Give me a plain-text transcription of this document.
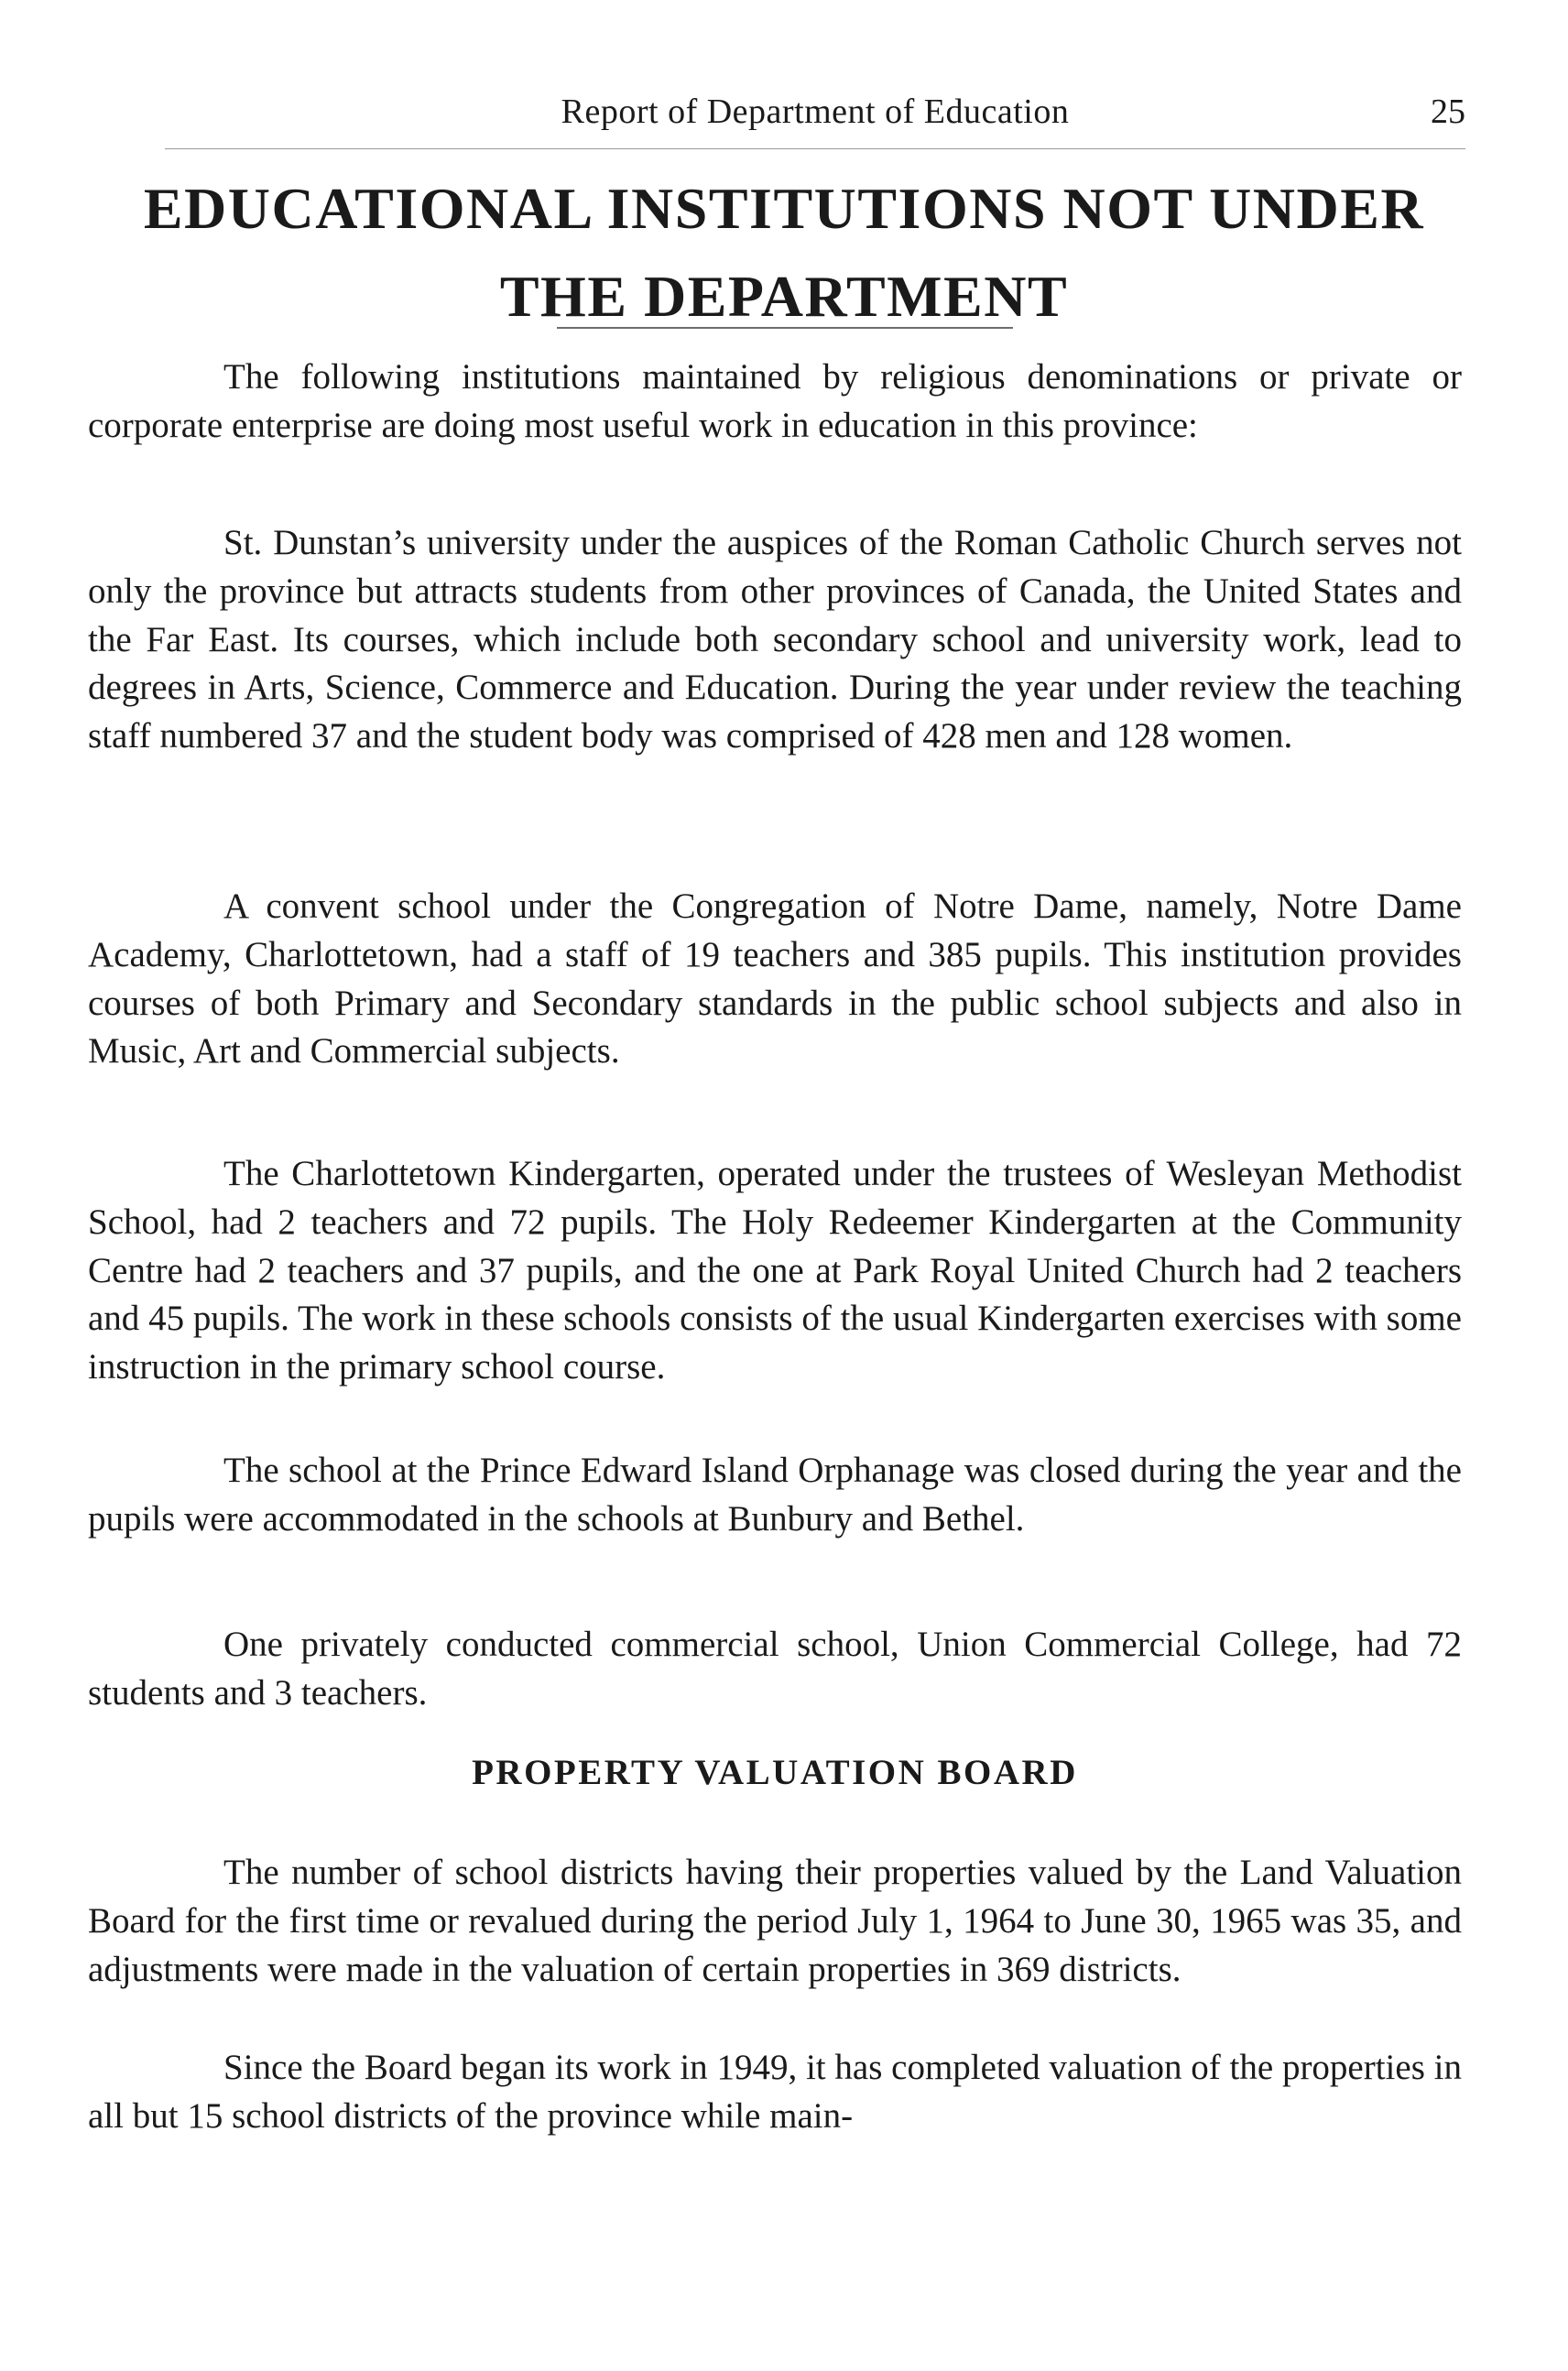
Report of Department of Education	25
EDUCATIONAL INSTITUTIONS NOT UNDER THE DEPARTMENT

The following institutions maintained by religious denominations or private or corporate enterprise are doing most useful work in education in this province:

St. Dunstan’s university under the auspices of the Roman Catholic Church serves not only the province but attracts students from other provinces of Canada, the United States and the Far East. Its courses, which include both secondary school and university work, lead to degrees in Arts, Science, Commerce and Education. During the year under review the teaching staff numbered 37 and the student body was comprised of 428 men and 128 women.

A convent school under the Congregation of Notre Dame, namely, Notre Dame Academy, Charlottetown, had a staff of 19 teachers and 385 pupils. This institution provides courses of both Primary and Secondary standards in the public school subjects and also in Music, Art and Commercial subjects.

The Charlottetown Kindergarten, operated under the trustees of Wesleyan Methodist School, had 2 teachers and 72 pupils. The Holy Redeemer Kindergarten at the Community Centre had 2 teachers and 37 pupils, and the one at Park Royal United Church had 2 teachers and 45 pupils. The work in these schools consists of the usual Kindergarten exercises with some instruction in the primary school course.

The school at the Prince Edward Island Orphanage was closed during the year and the pupils were accommodated in the schools at Bunbury and Bethel.

One privately conducted commercial school, Union Commercial College, had 72 students and 3 teachers.

PROPERTY VALUATION BOARD

The number of school districts having their properties valued by the Land Valuation Board for the first time or revalued during the period July 1, 1964 to June 30, 1965 was 35, and adjustments were made in the valuation of certain properties in 369 districts.

Since the Board began its work in 1949, it has completed valuation of the properties in all but 15 school districts of the province while main-
